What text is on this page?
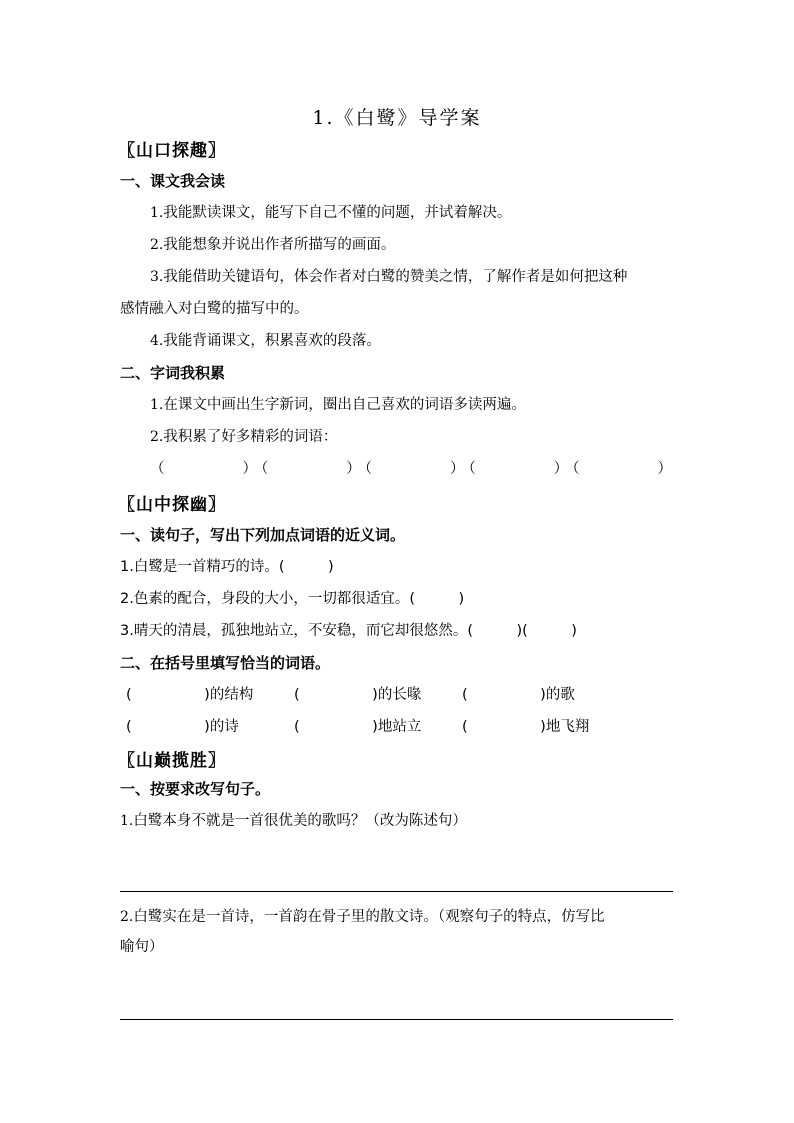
1.《白鹭》导学案
〖山口探趣〗
一、课文我会读
1.我能默读课文，能写下自己不懂的问题，并试着解决。
2.我能想象并说出作者所描写的画面。
3.我能借助关键语句，体会作者对白鹭的赞美之情，了解作者是如何把这种
感情融入对白鹭的描写中的。
4.我能背诵课文，积累喜欢的段落。
二、字词我积累
1.在课文中画出生字新词，圈出自己喜欢的词语多读两遍。
2.我积累了好多精彩的词语：
（　　　　）（　　　　）（　　　　）（　　　　）（　　　　）
〖山中探幽〗
一、读句子，写出下列加点词语的近义词。
1.白鹭是一首精巧的诗。(　　　)
2.色素的配合，身段的大小，一切都很适宜。(　　　)
3.晴天的清晨，孤独地站立，不安稳，而它却很悠然。(　　　)(　　　)
二、在括号里填写恰当的词语。
(　　　　　)的结构	(　　　　　)的长喙	(　　　　　)的歌
(　　　　　)的诗	(　　　　　)地站立	(　　　　　)地飞翔
〖山巅揽胜〗
一、按要求改写句子。
1.白鹭本身不就是一首很优美的歌吗？（改为陈述句）
2.白鹭实在是一首诗，一首韵在骨子里的散文诗。（观察句子的特点，仿写比
喻句）
